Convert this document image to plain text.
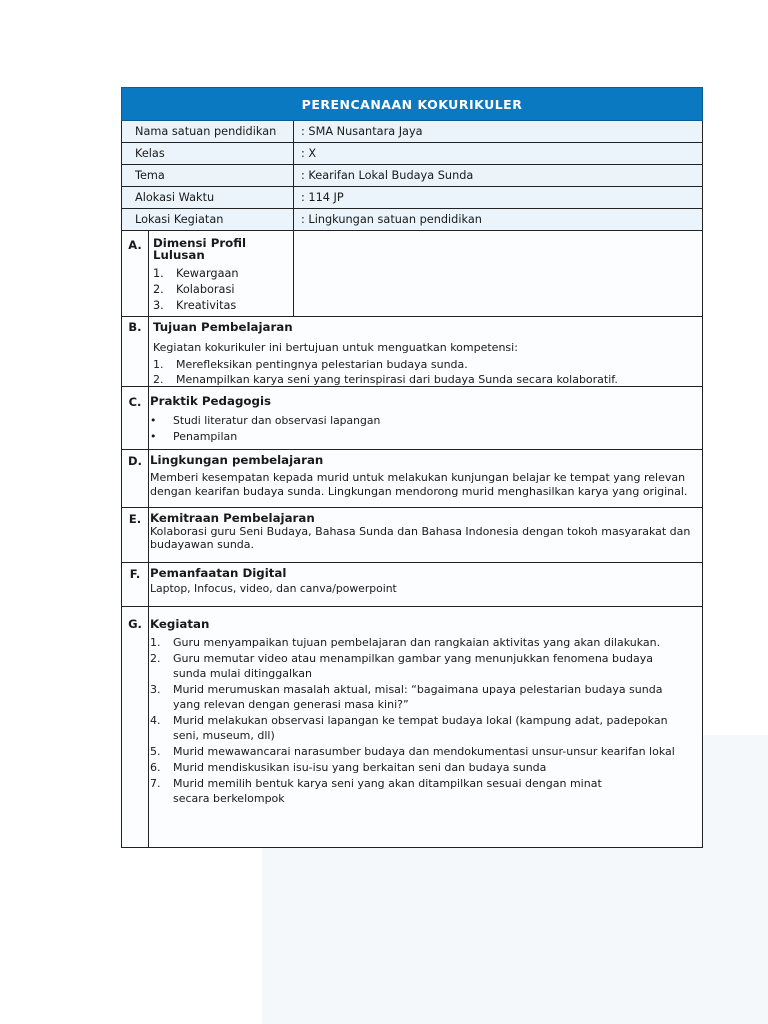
PERENCANAAN KOKURIKULER
Nama satuan pendidikan	: SMA Nusantara Jaya
Kelas	: X
Tema	: Kearifan Lokal Budaya Sunda
Alokasi Waktu	: 114 JP
Lokasi Kegiatan	: Lingkungan satuan pendidikan
A. Dimensi Profil
Lulusan
1.	Kewargaan
2.	Kolaborasi
3.	Kreativitas
B. Tujuan Pembelajaran
Kegiatan kokurikuler ini bertujuan untuk menguatkan kompetensi:
1.	Merefleksikan pentingnya pelestarian budaya sunda.
2.	Menampilkan karya seni yang terinspirasi dari budaya Sunda secara kolaboratif.
C. Praktik Pedagogis
•	Studi literatur dan observasi lapangan
•	Penampilan
D. Lingkungan pembelajaran
Memberi kesempatan kepada murid untuk melakukan kunjungan belajar ke tempat yang relevan
dengan kearifan budaya sunda. Lingkungan mendorong murid menghasilkan karya yang original.
E. Kemitraan Pembelajaran
Kolaborasi guru Seni Budaya, Bahasa Sunda dan Bahasa Indonesia dengan tokoh masyarakat dan
budayawan sunda.
F. Pemanfaatan Digital
Laptop, Infocus, video, dan canva/powerpoint
G. Kegiatan
1.	Guru menyampaikan tujuan pembelajaran dan rangkaian aktivitas yang akan dilakukan.
2.	Guru memutar video atau menampilkan gambar yang menunjukkan fenomena budaya
sunda mulai ditinggalkan
3.	Murid merumuskan masalah aktual, misal: “bagaimana upaya pelestarian budaya sunda
yang relevan dengan generasi masa kini?”
4.	Murid melakukan observasi lapangan ke tempat budaya lokal (kampung adat, padepokan
seni, museum, dll)
5.	Murid mewawancarai narasumber budaya dan mendokumentasi unsur-unsur kearifan lokal
6.	Murid mendiskusikan isu-isu yang berkaitan seni dan budaya sunda
7.	Murid memilih bentuk karya seni yang akan ditampilkan sesuai dengan minat
secara berkelompok
